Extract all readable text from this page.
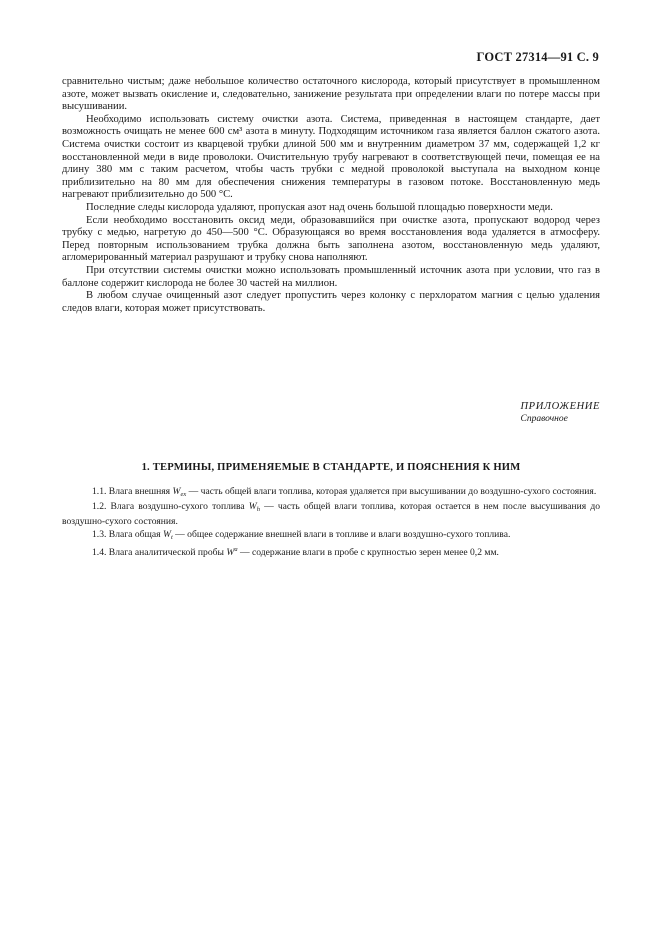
ГОСТ 27314—91 С. 9

сравнительно чистым; даже небольшое количество остаточного кислорода, который присутствует в промышленном азоте, может вызвать окисление и, следовательно, занижение результата при определении влаги по потере массы при высушивании.

Необходимо использовать систему очистки азота. Система, приведенная в настоящем стандарте, дает возможность очищать не менее 600 см³ азота в минуту. Подходящим источником газа является баллон сжатого азота. Система очистки состоит из кварцевой трубки длиной 500 мм и внутренним диаметром 37 мм, содержащей 1,2 кг восстановленной меди в виде проволоки. Очистительную трубу нагревают в соответствующей печи, помещая ее на длину 380 мм с таким расчетом, чтобы часть трубки с медной проволокой выступала на выходном конце приблизительно на 80 мм для обеспечения снижения температуры в газовом потоке. Восстановленную медь нагревают приблизительно до 500 °С.

Последние следы кислорода удаляют, пропуская азот над очень большой площадью поверхности меди.

Если необходимо восстановить оксид меди, образовавшийся при очистке азота, пропускают водород через трубку с медью, нагретую до 450—500 °С. Образующаяся во время восстановления вода удаляется в атмосферу. Перед повторным использованием трубка должна быть заполнена азотом, восстановленную медь удаляют, агломерированный материал разрушают и трубку снова наполняют.

При отсутствии системы очистки можно использовать промышленный источник азота при условии, что газ в баллоне содержит кислорода не более 30 частей на миллион.

В любом случае очищенный азот следует пропустить через колонку с перхлоратом магния с целью удаления следов влаги, которая может присутствовать.

ПРИЛОЖЕНИЕ
Справочное
1. ТЕРМИНЫ, ПРИМЕНЯЕМЫЕ В СТАНДАРТЕ, И ПОЯСНЕНИЯ К НИМ

1.1. Влага внешняя $W_{ex}$ — часть общей влаги топлива, которая удаляется при высушивании до воздушно-сухого состояния.

1.2. Влага воздушно-сухого топлива $W_h$ — часть общей влаги топлива, которая остается в нем после высушивания до воздушно-сухого состояния.

1.3. Влага общая $W_t$ — общее содержание внешней влаги в топливе и влаги воздушно-сухого топлива.

1.4. Влага аналитической пробы $W^a$ — содержание влаги в пробе с крупностью зерен менее 0,2 мм.
